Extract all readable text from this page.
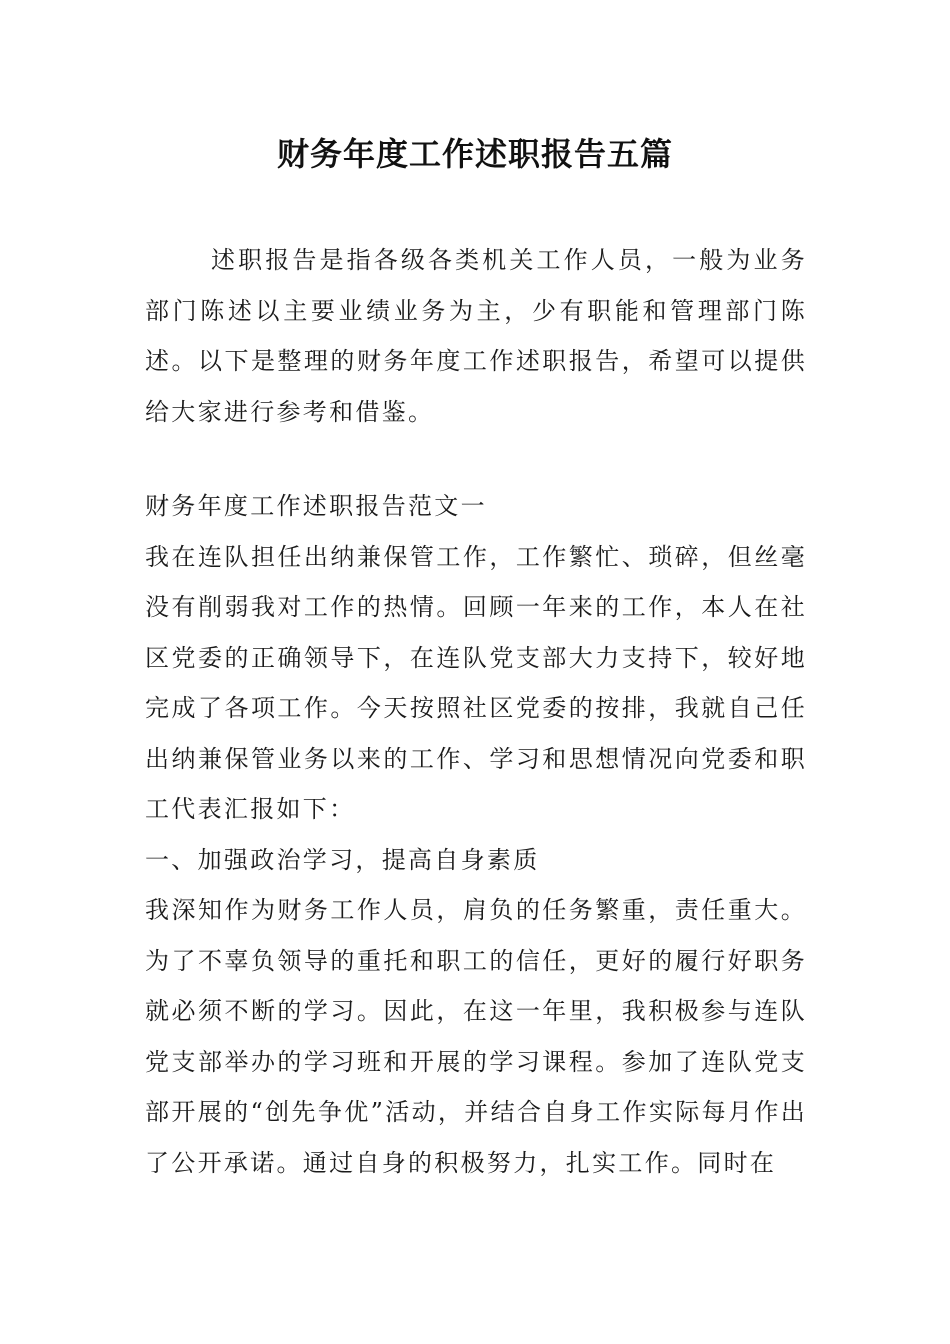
财务年度工作述职报告五篇
述职报告是指各级各类机关工作人员，一般为业务部门陈述以主要业绩业务为主，少有职能和管理部门陈述。以下是整理的财务年度工作述职报告，希望可以提供给大家进行参考和借鉴。

财务年度工作述职报告范文一

我在连队担任出纳兼保管工作，工作繁忙、琐碎，但丝毫没有削弱我对工作的热情。回顾一年来的工作，本人在社区党委的正确领导下，在连队党支部大力支持下，较好地完成了各项工作。今天按照社区党委的按排，我就自己任出纳兼保管业务以来的工作、学习和思想情况向党委和职工代表汇报如下：

一、加强政治学习，提高自身素质

我深知作为财务工作人员，肩负的任务繁重，责任重大。为了不辜负领导的重托和职工的信任，更好的履行好职务就必须不断的学习。因此，在这一年里，我积极参与连队党支部举办的学习班和开展的学习课程。参加了连队党支部开展的“创先争优”活动，并结合自身工作实际每月作出了公开承诺。通过自身的积极努力，扎实工作。同时在
